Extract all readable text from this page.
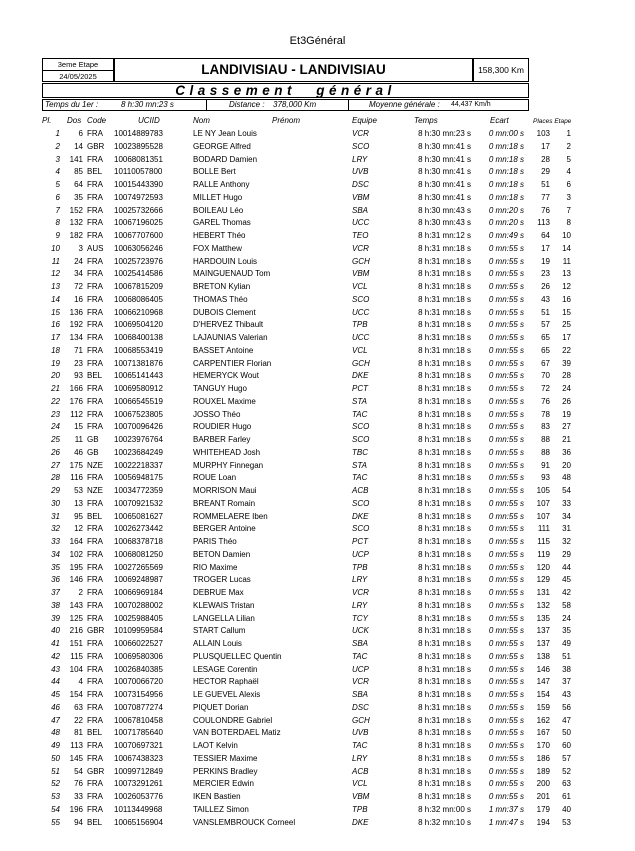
Et3Général
3eme Etape
24/05/2025	LANDIVISIAU - LANDIVISIAU	158,300 Km
Classement général
Temps du 1er :	8 h:30 mn:23 s	Distance : 378,000 Km	Moyenne générale : 44,437 Km/h
Pl. Dos Code	UCIID	Nom	Prénom	Equipe	Temps	Ecart	Places Etape
1	6 FRA	10014889783	LE NY Jean Louis	VCR	8 h:30 mn:23 s	0 mn:00 s	103	1
2	14 GBR	10023895528	GEORGE Alfred	SCO	8 h:30 mn:41 s	0 mn:18 s	17	2
3	141 FRA	10068081351	BODARD Damien	LRY	8 h:30 mn:41 s	0 mn:18 s	28	5
4	85 BEL	10110057800	BOLLE Bert	UVB	8 h:30 mn:41 s	0 mn:18 s	29	4
5	64 FRA	10015443390	RALLE Anthony	DSC	8 h:30 mn:41 s	0 mn:18 s	51	6
6	35 FRA	10074972593	MILLET Hugo	VBM	8 h:30 mn:41 s	0 mn:18 s	77	3
7	152 FRA	10025732666	BOILEAU Léo	SBA	8 h:30 mn:43 s	0 mn:20 s	76	7
8	132 FRA	10067196025	GAREL Thomas	UCC	8 h:30 mn:43 s	0 mn:20 s	113	8
9	182 FRA	10067707600	HEBERT Théo	TEO	8 h:31 mn:12 s	0 mn:49 s	64	10
10	3 AUS	10063056246	FOX Matthew	VCR	8 h:31 mn:18 s	0 mn:55 s	17	14
11	24 FRA	10025723976	HARDOUIN Louis	GCH	8 h:31 mn:18 s	0 mn:55 s	19	11
12	34 FRA	10025414586	MAINGUENAUD Tom	VBM	8 h:31 mn:18 s	0 mn:55 s	23	13
13	72 FRA	10067815209	BRETON Kylian	VCL	8 h:31 mn:18 s	0 mn:55 s	26	12
14	16 FRA	10068086405	THOMAS Théo	SCO	8 h:31 mn:18 s	0 mn:55 s	43	16
15	136 FRA	10066210968	DUBOIS Clement	UCC	8 h:31 mn:18 s	0 mn:55 s	51	15
16	192 FRA	10069504120	D'HERVEZ Thibault	TPB	8 h:31 mn:18 s	0 mn:55 s	57	25
17	134 FRA	10068400138	LAJAUNIAS Valerian	UCC	8 h:31 mn:18 s	0 mn:55 s	65	17
18	71 FRA	10068553419	BASSET Antoine	VCL	8 h:31 mn:18 s	0 mn:55 s	65	22
19	23 FRA	10071381876	CARPENTIER Florian	GCH	8 h:31 mn:18 s	0 mn:55 s	67	39
20	93 BEL	10065141443	HEMERYCK Wout	DKE	8 h:31 mn:18 s	0 mn:55 s	70	28
21	166 FRA	10069580912	TANGUY Hugo	PCT	8 h:31 mn:18 s	0 mn:55 s	72	24
22	176 FRA	10066545519	ROUXEL Maxime	STA	8 h:31 mn:18 s	0 mn:55 s	76	26
23	112 FRA	10067523805	JOSSO Théo	TAC	8 h:31 mn:18 s	0 mn:55 s	78	19
24	15 FRA	10070096426	ROUDIER Hugo	SCO	8 h:31 mn:18 s	0 mn:55 s	83	27
25	11 GB	10023976764	BARBER Farley	SCO	8 h:31 mn:18 s	0 mn:55 s	88	21
26	46 GB	10023684249	WHITEHEAD Josh	TBC	8 h:31 mn:18 s	0 mn:55 s	88	36
27	175 NZE	10022218337	MURPHY Finnegan	STA	8 h:31 mn:18 s	0 mn:55 s	91	20
28	116 FRA	10056948175	ROUE Loan	TAC	8 h:31 mn:18 s	0 mn:55 s	93	48
29	53 NZE	10034772359	MORRISON Maui	ACB	8 h:31 mn:18 s	0 mn:55 s	105	54
30	13 FRA	10070921532	BREANT Romain	SCO	8 h:31 mn:18 s	0 mn:55 s	107	33
31	95 BEL	10065081627	ROMMELAERE Iben	DKE	8 h:31 mn:18 s	0 mn:55 s	107	34
32	12 FRA	10026273442	BERGER Antoine	SCO	8 h:31 mn:18 s	0 mn:55 s	111	31
33	164 FRA	10068378718	PARIS Théo	PCT	8 h:31 mn:18 s	0 mn:55 s	115	32
34	102 FRA	10068081250	BETON Damien	UCP	8 h:31 mn:18 s	0 mn:55 s	119	29
35	195 FRA	10027265569	RIO Maxime	TPB	8 h:31 mn:18 s	0 mn:55 s	120	44
36	146 FRA	10069248987	TROGER Lucas	LRY	8 h:31 mn:18 s	0 mn:55 s	129	45
37	2 FRA	10066969184	DEBRUE Max	VCR	8 h:31 mn:18 s	0 mn:55 s	131	42
38	143 FRA	10070288002	KLEWAIS Tristan	LRY	8 h:31 mn:18 s	0 mn:55 s	132	58
39	125 FRA	10025988405	LANGELLA Lilian	TCY	8 h:31 mn:18 s	0 mn:55 s	135	24
40	216 GBR	10109959584	START Callum	UCK	8 h:31 mn:18 s	0 mn:55 s	137	35
41	151 FRA	10066022527	ALLAIN Louis	SBA	8 h:31 mn:18 s	0 mn:55 s	137	49
42	115 FRA	10069580306	PLUSQUELLEC Quentin	TAC	8 h:31 mn:18 s	0 mn:55 s	138	51
43	104 FRA	10026840385	LESAGE Corentin	UCP	8 h:31 mn:18 s	0 mn:55 s	146	38
44	4 FRA	10070066720	HECTOR Raphaël	VCR	8 h:31 mn:18 s	0 mn:55 s	147	37
45	154 FRA	10073154956	LE GUEVEL Alexis	SBA	8 h:31 mn:18 s	0 mn:55 s	154	43
46	63 FRA	10070877274	PIQUET Dorian	DSC	8 h:31 mn:18 s	0 mn:55 s	159	56
47	22 FRA	10067810458	COULONDRE Gabriel	GCH	8 h:31 mn:18 s	0 mn:55 s	162	47
48	81 BEL	10071785640	VAN BOTERDAEL Matiz	UVB	8 h:31 mn:18 s	0 mn:55 s	167	50
49	113 FRA	10070697321	LAOT Kelvin	TAC	8 h:31 mn:18 s	0 mn:55 s	170	60
50	145 FRA	10067438323	TESSIER Maxime	LRY	8 h:31 mn:18 s	0 mn:55 s	186	57
51	54 GBR	10099712849	PERKINS Bradley	ACB	8 h:31 mn:18 s	0 mn:55 s	189	52
52	76 FRA	10073291261	MERCIER Edwin	VCL	8 h:31 mn:18 s	0 mn:55 s	200	63
53	33 FRA	10026053776	IKEN Bastien	VBM	8 h:31 mn:18 s	0 mn:55 s	201	61
54	196 FRA	10113449968	TAILLEZ Simon	TPB	8 h:32 mn:00 s	1 mn:37 s	179	40
55	94 BEL	10065156904	VANSLEMBROUCK Corneel	DKE	8 h:32 mn:10 s	1 mn:47 s	194	53
